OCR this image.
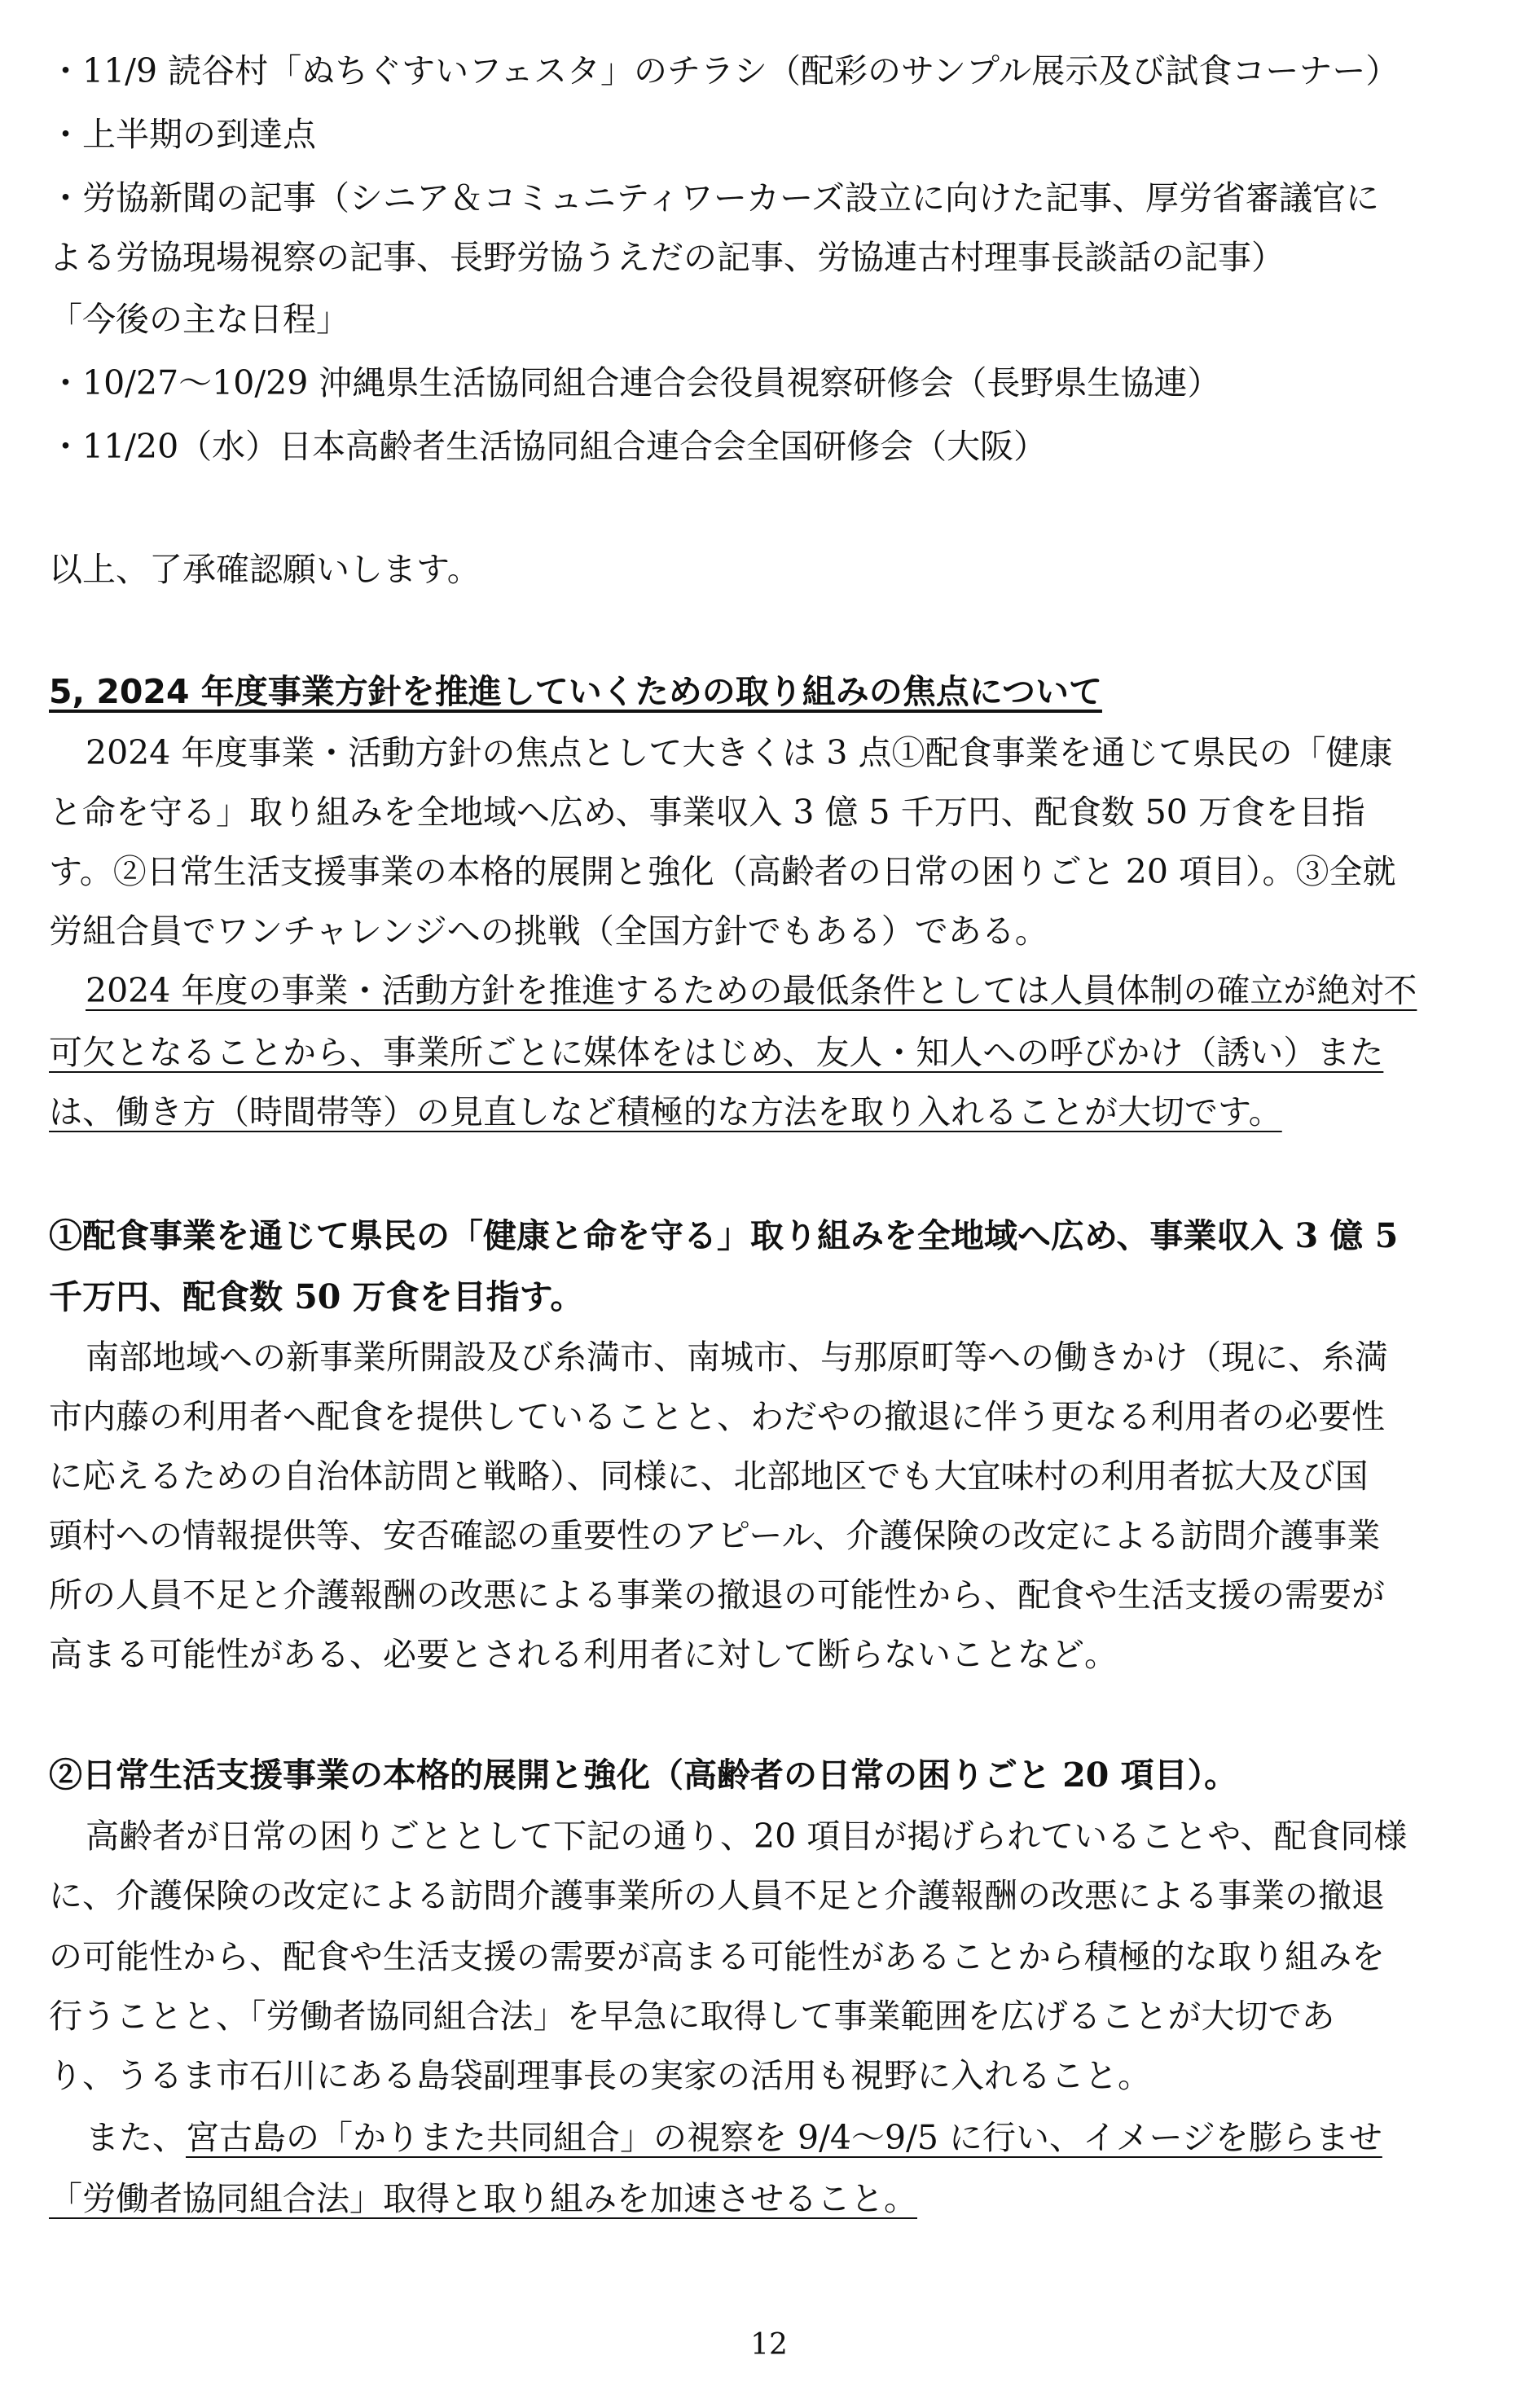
・11/9 読谷村「ぬちぐすいフェスタ」のチラシ（配彩のサンプル展示及び試食コーナー）
・上半期の到達点
・労協新聞の記事（シニア＆コミュニティワーカーズ設立に向けた記事、厚労省審議官に
よる労協現場視察の記事、長野労協うえだの記事、労協連古村理事長談話の記事）
「今後の主な日程」
・10/27～10/29 沖縄県生活協同組合連合会役員視察研修会（長野県生協連）
・11/20（水）日本高齢者生活協同組合連合会全国研修会（大阪）
以上、了承確認願いします。
5, 2024 年度事業方針を推進していくための取り組みの焦点について
2024 年度事業・活動方針の焦点として大きくは 3 点①配食事業を通じて県民の「健康
と命を守る」取り組みを全地域へ広め、事業収入 3 億 5 千万円、配食数 50 万食を目指
す。②日常生活支援事業の本格的展開と強化（高齢者の日常の困りごと 20 項目）。③全就
労組合員でワンチャレンジへの挑戦（全国方針でもある）である。
2024 年度の事業・活動方針を推進するための最低条件としては人員体制の確立が絶対不
可欠となることから、事業所ごとに媒体をはじめ、友人・知人への呼びかけ（誘い）また
は、働き方（時間帯等）の見直しなど積極的な方法を取り入れることが大切です。
①配食事業を通じて県民の「健康と命を守る」取り組みを全地域へ広め、事業収入 3 億 5
千万円、配食数 50 万食を目指す。
南部地域への新事業所開設及び糸満市、南城市、与那原町等への働きかけ（現に、糸満
市内藤の利用者へ配食を提供していることと、わだやの撤退に伴う更なる利用者の必要性
に応えるための自治体訪問と戦略）、同様に、北部地区でも大宜味村の利用者拡大及び国
頭村への情報提供等、安否確認の重要性のアピール、介護保険の改定による訪問介護事業
所の人員不足と介護報酬の改悪による事業の撤退の可能性から、配食や生活支援の需要が
高まる可能性がある、必要とされる利用者に対して断らないことなど。
②日常生活支援事業の本格的展開と強化（高齢者の日常の困りごと 20 項目）。
高齢者が日常の困りごととして下記の通り、20 項目が掲げられていることや、配食同様
に、介護保険の改定による訪問介護事業所の人員不足と介護報酬の改悪による事業の撤退
の可能性から、配食や生活支援の需要が高まる可能性があることから積極的な取り組みを
行うことと、「労働者協同組合法」を早急に取得して事業範囲を広げることが大切であ
り、うるま市石川にある島袋副理事長の実家の活用も視野に入れること。
また、宮古島の「かりまた共同組合」の視察を 9/4～9/5 に行い、イメージを膨らませ
「労働者協同組合法」取得と取り組みを加速させること。
12
